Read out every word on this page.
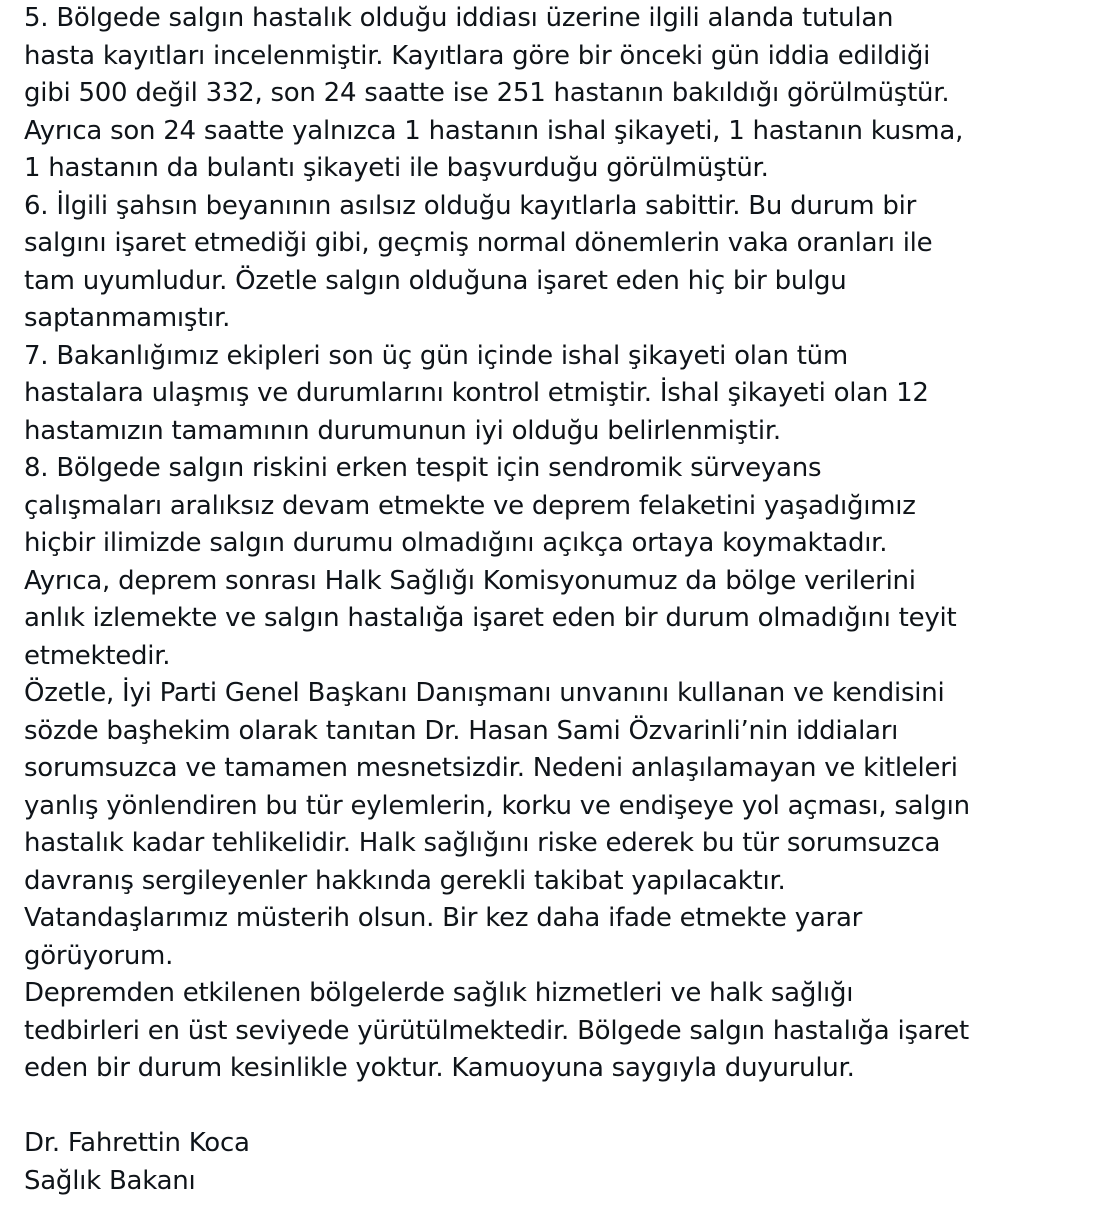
5. Bölgede salgın hastalık olduğu iddiası üzerine ilgili alanda tutulan
hasta kayıtları incelenmiştir. Kayıtlara göre bir önceki gün iddia edildiği
gibi 500 değil 332, son 24 saatte ise 251 hastanın bakıldığı görülmüştür.
Ayrıca son 24 saatte yalnızca 1 hastanın ishal şikayeti, 1 hastanın kusma,
1 hastanın da bulantı şikayeti ile başvurduğu görülmüştür.
6. İlgili şahsın beyanının asılsız olduğu kayıtlarla sabittir. Bu durum bir
salgını işaret etmediği gibi, geçmiş normal dönemlerin vaka oranları ile
tam uyumludur. Özetle salgın olduğuna işaret eden hiç bir bulgu
saptanmamıştır.
7. Bakanlığımız ekipleri son üç gün içinde ishal şikayeti olan tüm
hastalara ulaşmış ve durumlarını kontrol etmiştir. İshal şikayeti olan 12
hastamızın tamamının durumunun iyi olduğu belirlenmiştir.
8. Bölgede salgın riskini erken tespit için sendromik sürveyans
çalışmaları aralıksız devam etmekte ve deprem felaketini yaşadığımız
hiçbir ilimizde salgın durumu olmadığını açıkça ortaya koymaktadır.
Ayrıca, deprem sonrası Halk Sağlığı Komisyonumuz da bölge verilerini
anlık izlemekte ve salgın hastalığa işaret eden bir durum olmadığını teyit
etmektedir.
Özetle, İyi Parti Genel Başkanı Danışmanı unvanını kullanan ve kendisini
sözde başhekim olarak tanıtan Dr. Hasan Sami Özvarinli’nin iddiaları
sorumsuzca ve tamamen mesnetsizdir. Nedeni anlaşılamayan ve kitleleri
yanlış yönlendiren bu tür eylemlerin, korku ve endişeye yol açması, salgın
hastalık kadar tehlikelidir. Halk sağlığını riske ederek bu tür sorumsuzca
davranış sergileyenler hakkında gerekli takibat yapılacaktır.
Vatandaşlarımız müsterih olsun. Bir kez daha ifade etmekte yarar
görüyorum.
Depremden etkilenen bölgelerde sağlık hizmetleri ve halk sağlığı
tedbirleri en üst seviyede yürütülmektedir. Bölgede salgın hastalığa işaret
eden bir durum kesinlikle yoktur. Kamuoyuna saygıyla duyurulur.
Dr. Fahrettin Koca
Sağlık Bakanı
